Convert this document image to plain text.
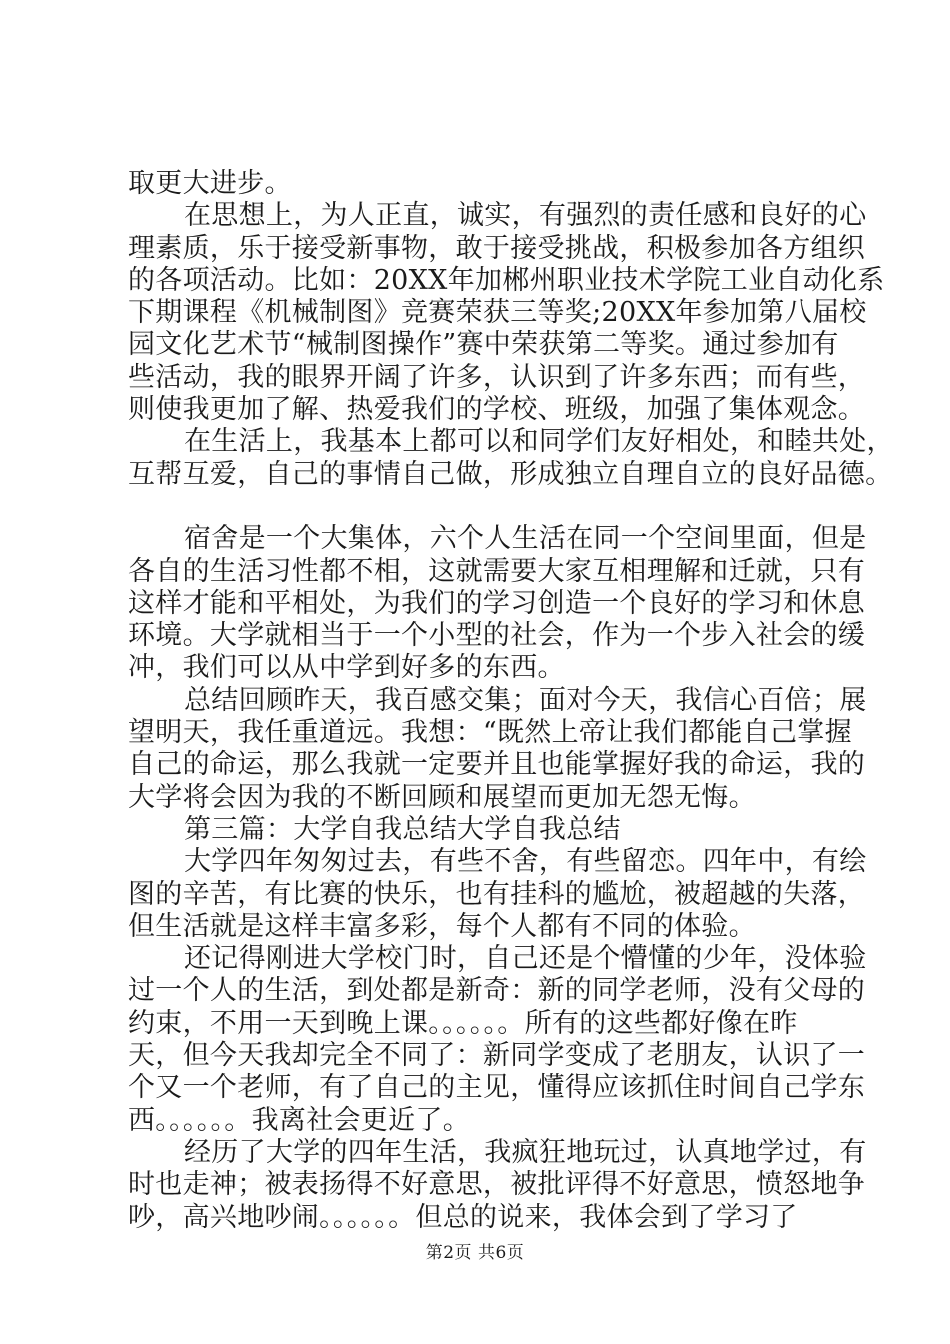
取更大进步。
在思想上，为人正直，诚实，有强烈的责任感和良好的心
理素质，乐于接受新事物，敢于接受挑战，积极参加各方组织
的各项活动。比如：20XX年加郴州职业技术学院工业自动化系
下期课程《机械制图》竞赛荣获三等奖;20XX年参加第八届校
园文化艺术节“械制图操作”赛中荣获第二等奖。通过参加有
些活动，我的眼界开阔了许多，认识到了许多东西；而有些，
则使我更加了解、热爱我们的学校、班级，加强了集体观念。
在生活上，我基本上都可以和同学们友好相处，和睦共处，
互帮互爱，自己的事情自己做，形成独立自理自立的良好品德。
宿舍是一个大集体，六个人生活在同一个空间里面，但是
各自的生活习性都不相，这就需要大家互相理解和迁就，只有
这样才能和平相处，为我们的学习创造一个良好的学习和休息
环境。大学就相当于一个小型的社会，作为一个步入社会的缓
冲，我们可以从中学到好多的东西。
总结回顾昨天，我百感交集；面对今天，我信心百倍；展
望明天，我任重道远。我想：“既然上帝让我们都能自己掌握
自己的命运，那么我就一定要并且也能掌握好我的命运，我的
大学将会因为我的不断回顾和展望而更加无怨无悔。
第三篇：大学自我总结大学自我总结
大学四年匆匆过去，有些不舍，有些留恋。四年中，有绘
图的辛苦，有比赛的快乐，也有挂科的尴尬，被超越的失落，
但生活就是这样丰富多彩，每个人都有不同的体验。
还记得刚进大学校门时，自己还是个懵懂的少年，没体验
过一个人的生活，到处都是新奇：新的同学老师，没有父母的
约束，不用一天到晚上课。。。。。。所有的这些都好像在昨
天，但今天我却完全不同了：新同学变成了老朋友，认识了一
个又一个老师，有了自己的主见，懂得应该抓住时间自己学东
西。。。。。。我离社会更近了。
经历了大学的四年生活，我疯狂地玩过，认真地学过，有
时也走神；被表扬得不好意思，被批评得不好意思，愤怒地争
吵，高兴地吵闹。。。。。。但总的说来，我体会到了学习了
第2页 共6页
